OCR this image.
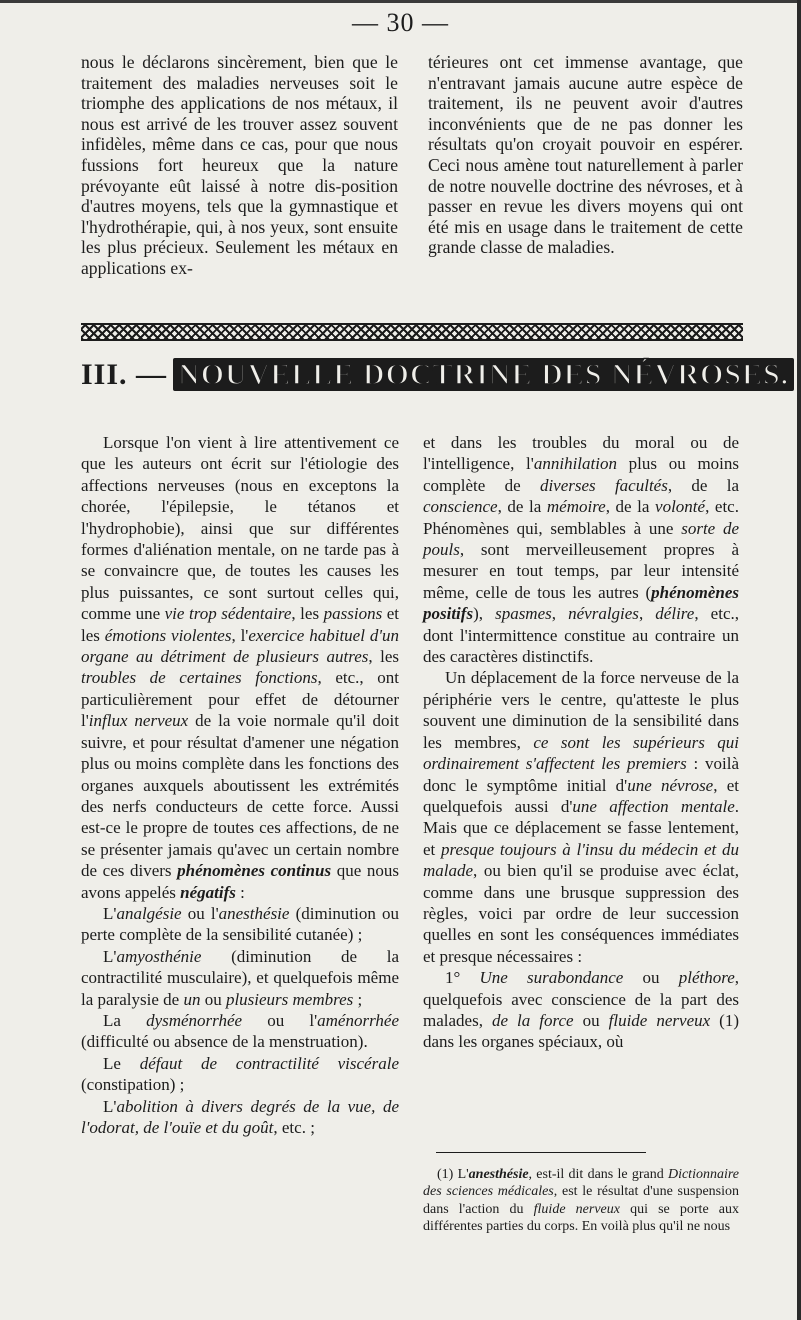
— 30 —

nous le déclarons sincèrement, bien que le traitement des maladies nerveuses soit le triomphe des applications de nos métaux, il nous est arrivé de les trouver assez souvent infidèles, même dans ce cas, pour que nous fussions fort heureux que la nature prévoyante eût laissé à notre dis-position d'autres moyens, tels que la gymnastique et l'hydrothérapie, qui, à nos yeux, sont ensuite les plus précieux. Seulement les métaux en applications ex-

térieures ont cet immense avantage, que n'entravant jamais aucune autre espèce de traitement, ils ne peuvent avoir d'autres inconvénients que de ne pas donner les résultats qu'on croyait pouvoir en espérer. Ceci nous amène tout naturellement à parler de notre nouvelle doctrine des névroses, et à passer en revue les divers moyens qui ont été mis en usage dans le traitement de cette grande classe de maladies.

III. — NOUVELLE DOCTRINE DES NÉVROSES.

Lorsque l'on vient à lire attentivement ce que les auteurs ont écrit sur l'étiologie des affections nerveuses (nous en exceptons la chorée, l'épilepsie, le tétanos et l'hydrophobie), ainsi que sur différentes formes d'aliénation mentale, on ne tarde pas à se convaincre que, de toutes les causes les plus puissantes, ce sont surtout celles qui, comme une vie trop sédentaire, les passions et les émotions violentes, l'exercice habituel d'un organe au détriment de plusieurs autres, les troubles de certaines fonctions, etc., ont particulièrement pour effet de détourner l'influx nerveux de la voie normale qu'il doit suivre, et pour résultat d'amener une négation plus ou moins complète dans les fonctions des organes auxquels aboutissent les extrémités des nerfs conducteurs de cette force. Aussi est-ce le propre de toutes ces affections, de ne se présenter jamais qu'avec un certain nombre de ces divers phénomènes continus que nous avons appelés négatifs :

L'analgésie ou l'anesthésie (diminution ou perte complète de la sensibilité cutanée) ;

L'amyosthénie (diminution de la contractilité musculaire), et quelquefois même la paralysie de un ou plusieurs membres ;

La dysménorrhée ou l'aménorrhée (difficulté ou absence de la menstruation).

Le défaut de contractilité viscérale (constipation) ;

L'abolition à divers degrés de la vue, de l'odorat, de l'ouïe et du goût, etc. ;

et dans les troubles du moral ou de l'intelligence, l'annihilation plus ou moins complète de diverses facultés, de la conscience, de la mémoire, de la volonté, etc. Phénomènes qui, semblables à une sorte de pouls, sont merveilleusement propres à mesurer en tout temps, par leur intensité même, celle de tous les autres (phénomènes positifs), spasmes, névralgies, délire, etc., dont l'intermittence constitue au contraire un des caractères distinctifs.

Un déplacement de la force nerveuse de la périphérie vers le centre, qu'atteste le plus souvent une diminution de la sensibilité dans les membres, ce sont les supérieurs qui ordinairement s'affectent les premiers : voilà donc le symptôme initial d'une névrose, et quelquefois aussi d'une affection mentale. Mais que ce déplacement se fasse lentement, et presque toujours à l'insu du médecin et du malade, ou bien qu'il se produise avec éclat, comme dans une brusque suppression des règles, voici par ordre de leur succession quelles en sont les conséquences immédiates et presque nécessaires :

1° Une surabondance ou pléthore, quelquefois avec conscience de la part des malades, de la force ou fluide nerveux (1) dans les organes spéciaux, où

(1) L'anesthésie, est-il dit dans le grand Dictionnaire des sciences médicales, est le résultat d'une suspension dans l'action du fluide nerveux qui se porte aux différentes parties du corps. En voilà plus qu'il ne nous
